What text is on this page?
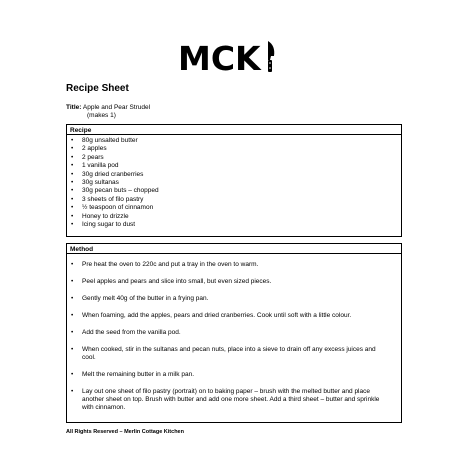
MCK
Recipe Sheet
Title: Apple and Pear Strudel
(makes 1)
Recipe
• 80g unsalted butter
• 2 apples
• 2 pears
• 1 vanilla pod
• 30g dried cranberries
• 30g sultanas
• 30g pecan buts – chopped
• 3 sheets of filo pastry
• ½ teaspoon of cinnamon
• Honey to drizzle
• Icing sugar to dust
Method
• Pre heat the oven to 220c and put a tray in the oven to warm.
• Peel apples and pears and slice into small, but even sized pieces.
• Gently melt 40g of the butter in a frying pan.
• When foaming, add the apples, pears and dried cranberries. Cook until soft with a little colour.
• Add the seed from the vanilla pod.
• When cooked, stir in the sultanas and pecan nuts, place into a sieve to drain off any excess juices and cool.
• Melt the remaining butter in a milk pan.
• Lay out one sheet of filo pastry (portrait) on to baking paper – brush with the melted butter and place another sheet on top. Brush with butter and add one more sheet. Add a third sheet – butter and sprinkle with cinnamon.
All Rights Reserved – Merlin Cottage Kitchen
